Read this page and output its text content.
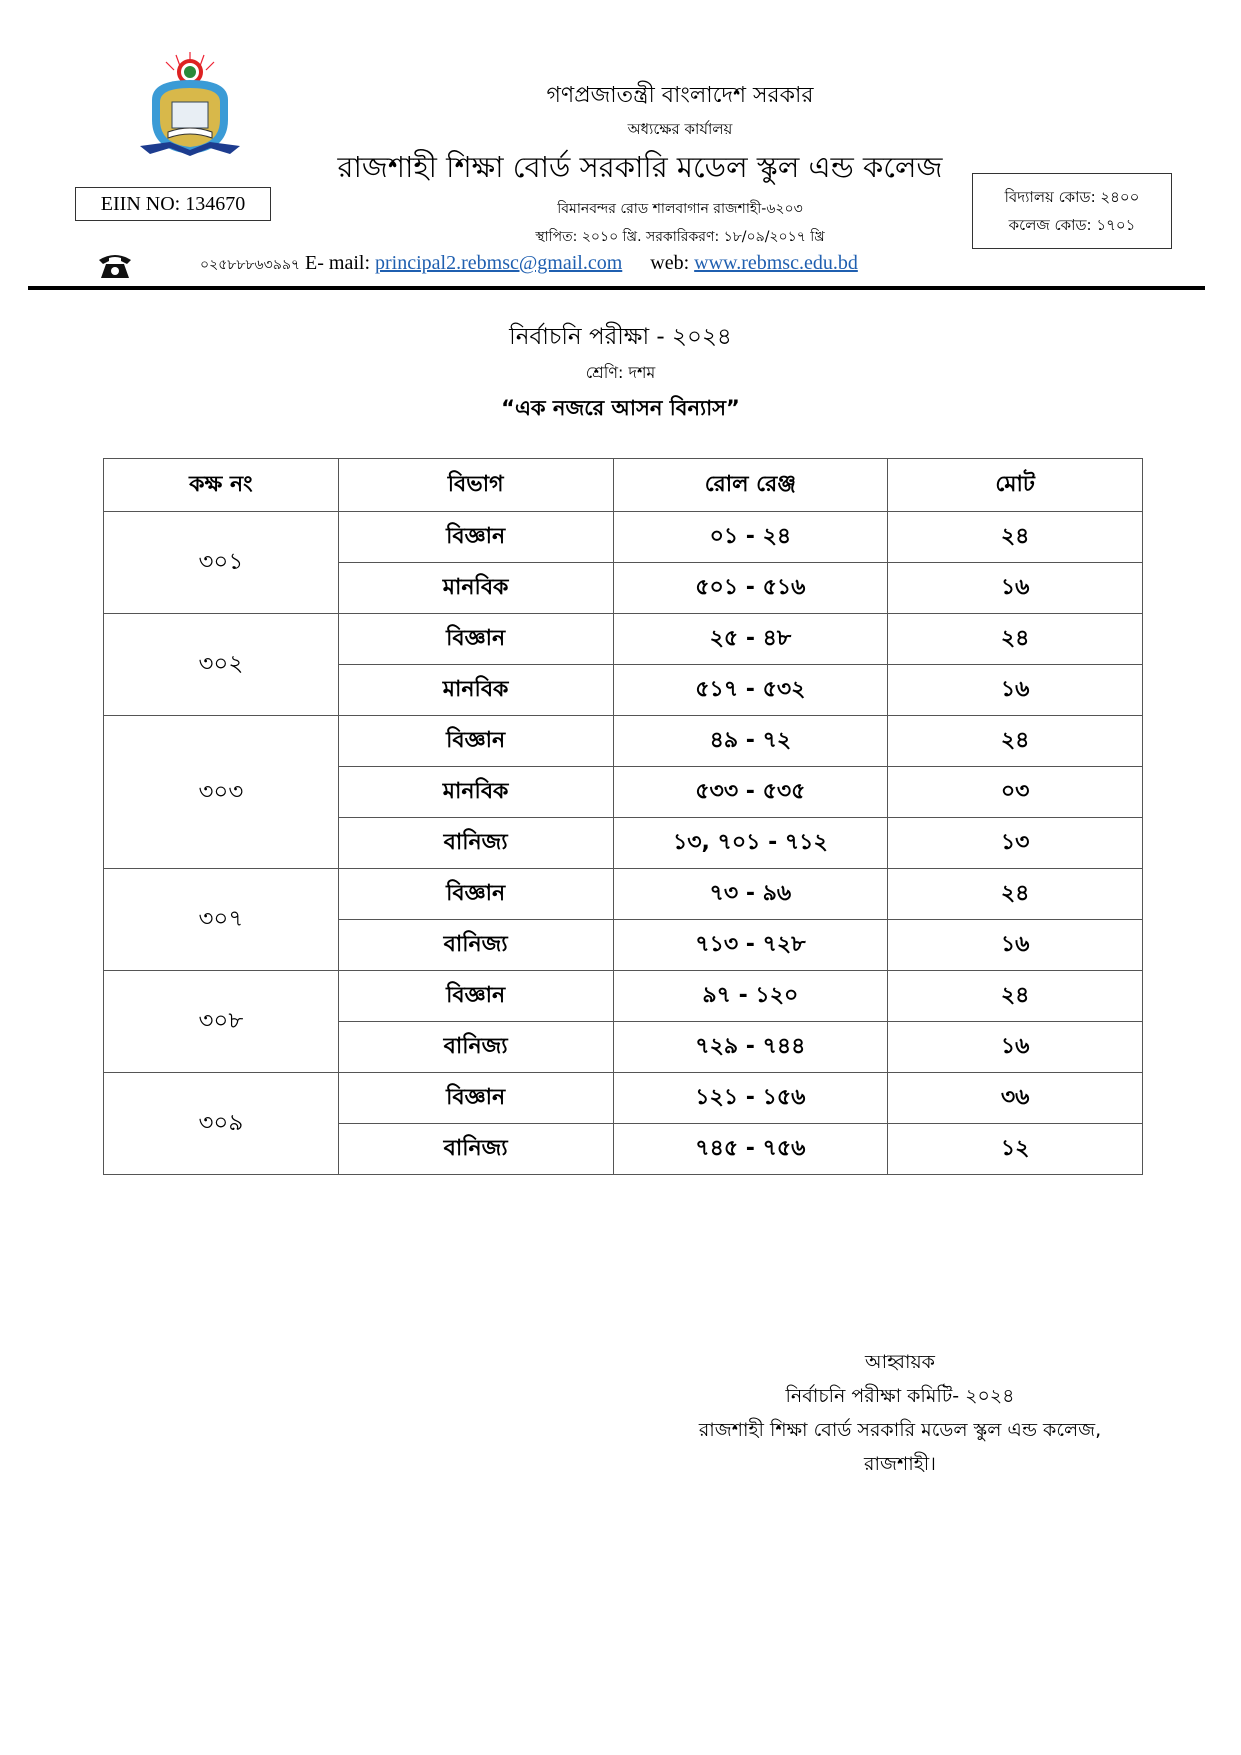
গণপ্রজাতন্ত্রী বাংলাদেশ সরকার
অধ্যক্ষের কার্যালয়
রাজশাহী শিক্ষা বোর্ড সরকারি মডেল স্কুল এন্ড কলেজ
EIIN NO: 134670	বিদ্যালয় কোড: ২৪০০
কলেজ কোড: ১৭০১
বিমানবন্দর রোড শালবাগান রাজশাহী-৬২০৩
স্থাপিত: ২০১০ খ্রি. সরকারিকরণ: ১৮/০৯/২০১৭ খ্রি
০২৫৮৮৮৬৩৯৯৭ E- mail: principal2.rebmsc@gmail.com web: www.rebmsc.edu.bd
নির্বাচনি পরীক্ষা - ২০২৪
শ্রেণি: দশম
“এক নজরে আসন বিন্যাস”
কক্ষ নং	বিভাগ	রোল রেঞ্জ	মোট
৩০১	বিজ্ঞান	০১ - ২৪	২৪
	মানবিক	৫০১ - ৫১৬	১৬
৩০২	বিজ্ঞান	২৫ - ৪৮	২৪
	মানবিক	৫১৭ - ৫৩২	১৬
৩০৩	বিজ্ঞান	৪৯ - ৭২	২৪
	মানবিক	৫৩৩ - ৫৩৫	০৩
	বানিজ্য	১৩, ৭০১ - ৭১২	১৩
৩০৭	বিজ্ঞান	৭৩ - ৯৬	২৪
	বানিজ্য	৭১৩ - ৭২৮	১৬
৩০৮	বিজ্ঞান	৯৭ - ১২০	২৪
	বানিজ্য	৭২৯ - ৭৪৪	১৬
৩০৯	বিজ্ঞান	১২১ - ১৫৬	৩৬
	বানিজ্য	৭৪৫ - ৭৫৬	১২
আহ্বায়ক
নির্বাচনি পরীক্ষা কমিটি- ২০২৪
রাজশাহী শিক্ষা বোর্ড সরকারি মডেল স্কুল এন্ড কলেজ,
রাজশাহী।
